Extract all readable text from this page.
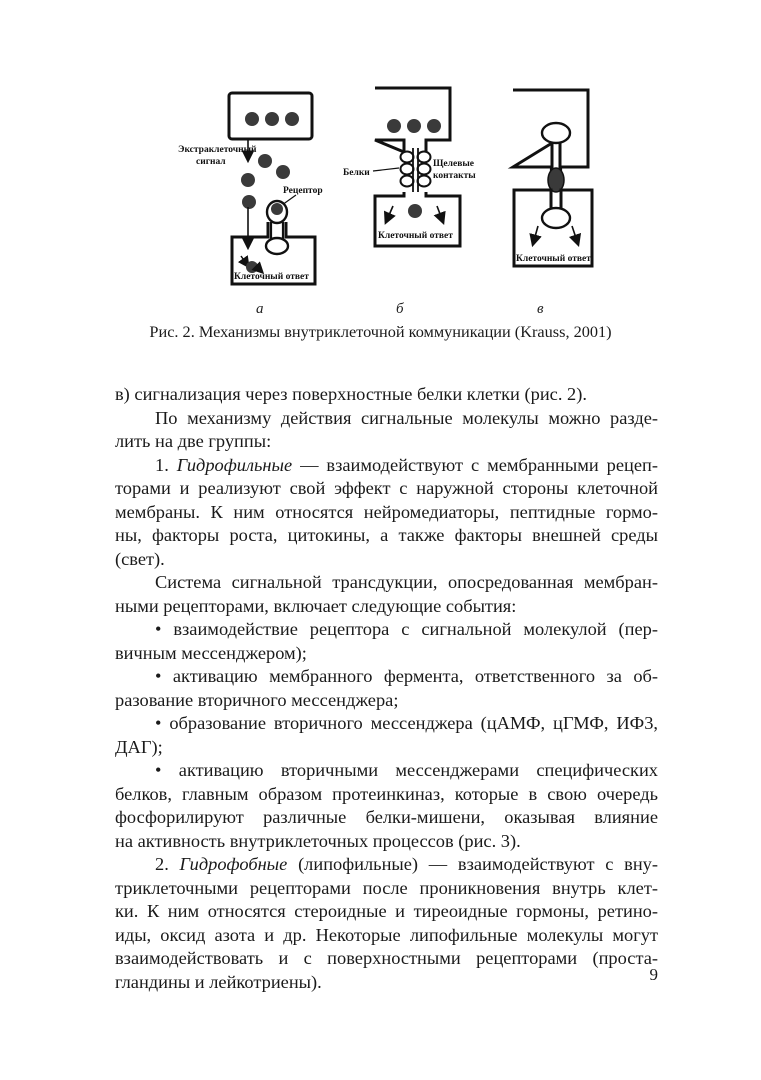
Экстраклеточный
сигнал
Рецептор
Клеточный ответ
Белки
Щелевые
контакты
Клеточный ответ
Клеточный ответ
а	б	в
Рис. 2. Механизмы внутриклеточной коммуникации (Krauss, 2001)
в) сигнализация через поверхностные белки клетки (рис. 2).
По механизму действия сигнальные молекулы можно разде-
лить на две группы:
1. Гидрофильные — взаимодействуют с мембранными рецеп-
торами и реализуют свой эффект с наружной стороны клеточной
мембраны. К ним относятся нейромедиаторы, пептидные гормо-
ны, факторы роста, цитокины, а также факторы внешней среды
(свет).
Система сигнальной трансдукции, опосредованная мембран-
ными рецепторами, включает следующие события:
• взаимодействие рецептора с сигнальной молекулой (пер-
вичным мессенджером);
• активацию мембранного фермента, ответственного за об-
разование вторичного мессенджера;
• образование вторичного мессенджера (цАМФ, цГМФ, ИФ3,
ДАГ);
• активацию вторичными мессенджерами специфических
белков, главным образом протеинкиназ, которые в свою очередь
фосфорилируют различные белки-мишени, оказывая влияние
на активность внутриклеточных процессов (рис. 3).
2. Гидрофобные (липофильные) — взаимодействуют с вну-
триклеточными рецепторами после проникновения внутрь клет-
ки. К ним относятся стероидные и тиреоидные гормоны, ретино-
иды, оксид азота и др. Некоторые липофильные молекулы могут
взаимодействовать и с поверхностными рецепторами (проста-
гландины и лейкотриены).	9
